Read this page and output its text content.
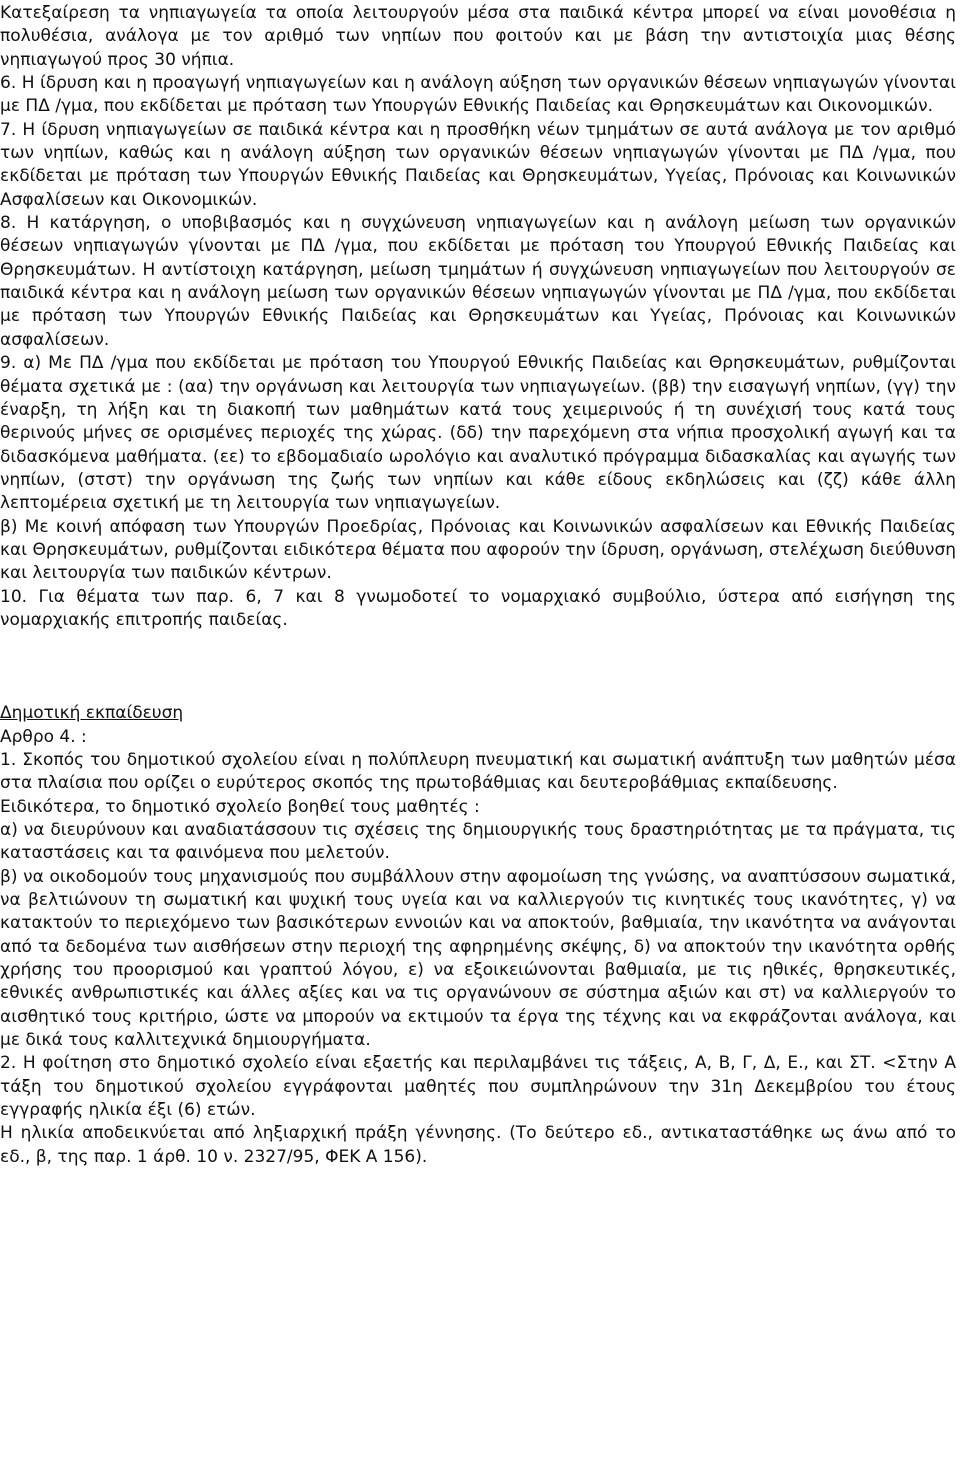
Κατεξαίρεση τα νηπιαγωγεία τα οποία λειτουργούν μέσα στα παιδικά κέντρα μπορεί να είναι μονοθέσια η πολυθέσια, ανάλογα με τον αριθμό των νηπίων που φοιτούν και με βάση την αντιστοιχία μιας θέσης νηπιαγωγού προς 30 νήπια.

6. Η ίδρυση και η προαγωγή νηπιαγωγείων και η ανάλογη αύξηση των οργανικών θέσεων νηπιαγωγών γίνονται με ΠΔ /γμα, που εκδίδεται με πρόταση των Υπουργών Εθνικής Παιδείας και Θρησκευμάτων και Οικονομικών.

7. Η ίδρυση νηπιαγωγείων σε παιδικά κέντρα και η προσθήκη νέων τμημάτων σε αυτά ανάλογα με τον αριθμό των νηπίων, καθώς και η ανάλογη αύξηση των οργανικών θέσεων νηπιαγωγών γίνονται με ΠΔ /γμα, που εκδίδεται με πρόταση των Υπουργών Εθνικής Παιδείας και Θρησκευμάτων, Υγείας, Πρόνοιας και Κοινωνικών Ασφαλίσεων και Οικονομικών.

8. Η κατάργηση, ο υποβιβασμός και η συγχώνευση νηπιαγωγείων και η ανάλογη μείωση των οργανικών θέσεων νηπιαγωγών γίνονται με ΠΔ /γμα, που εκδίδεται με πρόταση του Υπουργού Εθνικής Παιδείας και Θρησκευμάτων. Η αντίστοιχη κατάργηση, μείωση τμημάτων ή συγχώνευση νηπιαγωγείων που λειτουργούν σε παιδικά κέντρα και η ανάλογη μείωση των οργανικών θέσεων νηπιαγωγών γίνονται με ΠΔ /γμα, που εκδίδεται με πρόταση των Υπουργών Εθνικής Παιδείας και Θρησκευμάτων και Υγείας, Πρόνοιας και Κοινωνικών ασφαλίσεων.

9. α) Με ΠΔ /γμα που εκδίδεται με πρόταση του Υπουργού Εθνικής Παιδείας και Θρησκευμάτων, ρυθμίζονται θέματα σχετικά με : (αα) την οργάνωση και λειτουργία των νηπιαγωγείων. (ββ) την εισαγωγή νηπίων, (γγ) την έναρξη, τη λήξη και τη διακοπή των μαθημάτων κατά τους χειμερινούς ή τη συνέχισή τους κατά τους θερινούς μήνες σε ορισμένες περιοχές της χώρας. (δδ) την παρεχόμενη στα νήπια προσχολική αγωγή και τα διδασκόμενα μαθήματα. (εε) το εβδομαδιαίο ωρολόγιο και αναλυτικό πρόγραμμα διδασκαλίας και αγωγής των νηπίων, (στστ) την οργάνωση της ζωής των νηπίων και κάθε είδους εκδηλώσεις και (ζζ) κάθε άλλη λεπτομέρεια σχετική με τη λειτουργία των νηπιαγωγείων.

β) Με κοινή απόφαση των Υπουργών Προεδρίας, Πρόνοιας και Κοινωνικών ασφαλίσεων και Εθνικής Παιδείας και Θρησκευμάτων, ρυθμίζονται ειδικότερα θέματα που αφορούν την ίδρυση, οργάνωση, στελέχωση διεύθυνση και λειτουργία των παιδικών κέντρων.

10. Για θέματα των παρ. 6, 7 και 8 γνωμοδοτεί το νομαρχιακό συμβούλιο, ύστερα από εισήγηση της νομαρχιακής επιτροπής παιδείας.

Δημοτική εκπαίδευση

Αρθρο 4. :

1. Σκοπός του δημοτικού σχολείου είναι η πολύπλευρη πνευματική και σωματική ανάπτυξη των μαθητών μέσα στα πλαίσια που ορίζει ο ευρύτερος σκοπός της πρωτοβάθμιας και δευτεροβάθμιας εκπαίδευσης.

Ειδικότερα, το δημοτικό σχολείο βοηθεί τους μαθητές :

α) να διευρύνουν και αναδιατάσσουν τις σχέσεις της δημιουργικής τους δραστηριότητας με τα πράγματα, τις καταστάσεις και τα φαινόμενα που μελετούν.

β) να οικοδομούν τους μηχανισμούς που συμβάλλουν στην αφομοίωση της γνώσης, να αναπτύσσουν σωματικά, να βελτιώνουν τη σωματική και ψυχική τους υγεία και να καλλιεργούν τις κινητικές τους ικανότητες, γ) να κατακτούν το περιεχόμενο των βασικότερων εννοιών και να αποκτούν, βαθμιαία, την ικανότητα να ανάγονται από τα δεδομένα των αισθήσεων στην περιοχή της αφηρημένης σκέψης, δ) να αποκτούν την ικανότητα ορθής χρήσης του προορισμού και γραπτού λόγου, ε) να εξοικειώνονται βαθμιαία, με τις ηθικές, θρησκευτικές, εθνικές ανθρωπιστικές και άλλες αξίες και να τις οργανώνουν σε σύστημα αξιών και στ) να καλλιεργούν το αισθητικό τους κριτήριο, ώστε να μπορούν να εκτιμούν τα έργα της τέχνης και να εκφράζονται ανάλογα, και με δικά τους καλλιτεχνικά δημιουργήματα.

2. Η φοίτηση στο δημοτικό σχολείο είναι εξαετής και περιλαμβάνει τις τάξεις, Α, Β, Γ, Δ, Ε., και ΣΤ. <Στην Α τάξη του δημοτικού σχολείου εγγράφονται μαθητές που συμπληρώνουν την 31η Δεκεμβρίου του έτους εγγραφής ηλικία έξι (6) ετών.

Η ηλικία αποδεικνύεται από ληξιαρχική πράξη γέννησης. (Το δεύτερο εδ., αντικαταστάθηκε ως άνω από το εδ., β, της παρ. 1 άρθ. 10 ν. 2327/95, ΦΕΚ Α 156).
